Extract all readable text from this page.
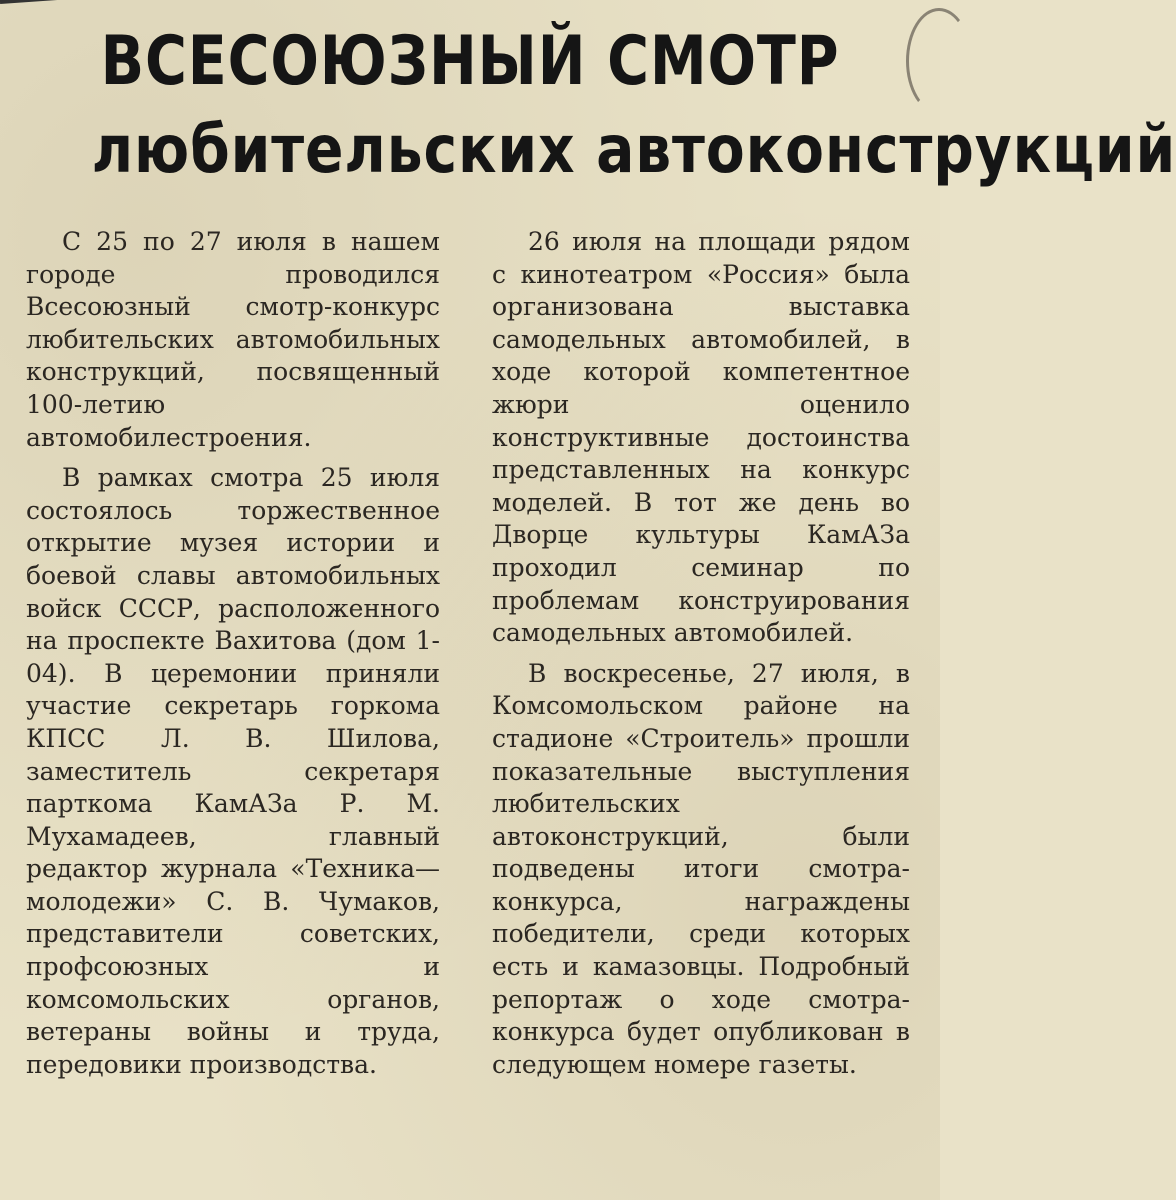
ВСЕСОЮЗНЫЙ СМОТР
любительских автоконструкций

С 25 по 27 июля в нашем городе проводился Всесоюзный смотр-конкурс любительских автомобильных конструкций, посвященный 100-летию автомобилестроения.

В рамках смотра 25 июля состоялось торжественное открытие музея истории и боевой славы автомобильных войск СССР, расположенного на проспекте Вахитова (дом 1-04). В церемонии приняли участие секретарь горкома КПСС Л. В. Шилова, заместитель секретаря парткома КамАЗа Р. М. Мухамадеев, главный редактор журнала «Техника—молодежи» С. В. Чумаков, представители советских, профсоюзных и комсомольских органов, ветераны войны и труда, передовики производства.

26 июля на площади рядом с кинотеатром «Россия» была организована выставка самодельных автомобилей, в ходе которой компетентное жюри оценило конструктивные достоинства представленных на конкурс моделей. В тот же день во Дворце культуры КамАЗа проходил семинар по проблемам конструирования самодельных автомобилей.

В воскресенье, 27 июля, в Комсомольском районе на стадионе «Строитель» прошли показательные выступления любительских автоконструкций, были подведены итоги смотра-конкурса, награждены победители, среди которых есть и камазовцы. Подробный репортаж о ходе смотра-конкурса будет опубликован в следующем номере газеты.
